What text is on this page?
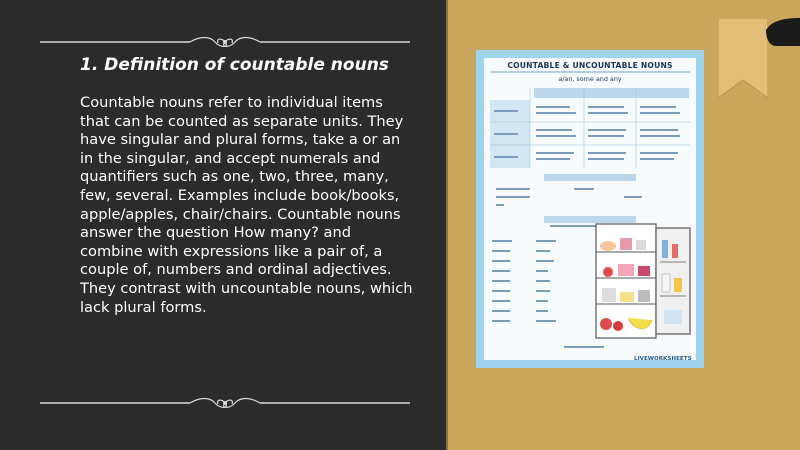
1. Definition of countable nouns
Countable nouns refer to individual items that can be counted as separate units. They have singular and plural forms, take a or an in the singular, and accept numerals and quantifiers such as one, two, three, many, few, several. Examples include book/books, apple/apples, chair/chairs. Countable nouns answer the question How many? and combine with expressions like a pair of, a couple of, numbers and ordinal adjectives. They contrast with uncountable nouns, which lack plural forms.
COUNTABLE & UNCOUNTABLE NOUNS
a/an, some and any
LIVEWORKSHEETS
